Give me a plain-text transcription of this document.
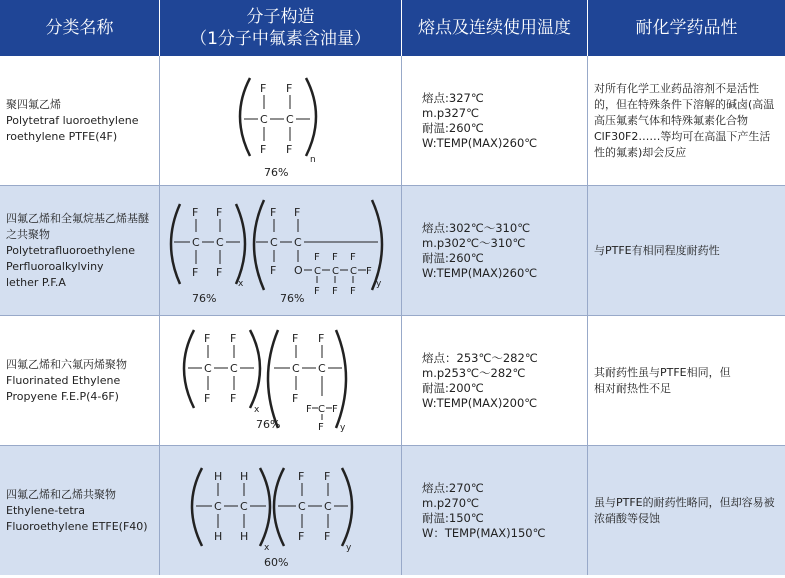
分类名称
分子构造
（1分子中氟素含油量）
熔点及连续使用温度	耐化学药品性
聚四氟乙烯
Polytetraf luoroethylene
roethylene PTFE(4F)
F F
C C
F F
n
76%
熔点:327℃
m.p327℃
耐温:260℃
W:TEMP(MAX)260℃
对所有化学工业药品溶剂不是活性的，但在特殊条件下溶解的碱卤(高温高压氟素气体和特殊氟素化合物ClF30F2……等均可在高温下产生活性的氟素)却会反应
四氟乙烯和全氟烷基乙烯基醚之共聚物
Polytetrafluoroethylene
Perfluoroalkylviny
lether P.F.A
F F
C C
F F
x
76%
F F
C C
F O C C C F
F F F
F F F
y
76%
熔点:302℃～310℃
m.p302℃～310℃
耐温:260℃
W:TEMP(MAX)260℃
与PTFE有相同程度耐药性
四氟乙烯和六氟丙烯聚物
Fluorinated Ethylene
Propyene F.E.P(4-6F)
F F
C C
F F
x
F F
C C
F
F C F
F y
76%
熔点：253℃～282℃
m.p253℃～282℃
耐温:200℃
W:TEMP(MAX)200℃
其耐药性虽与PTFE相同，但
相对耐热性不足
四氟乙烯和乙烯共聚物
Ethylene-tetra
Fluoroethylene ETFE(F40)
H H
C C
H H
x
F F
C C
F F
y
60%
熔点:270℃
m.p270℃
耐温:150℃
W：TEMP(MAX)150℃
虽与PTFE的耐药性略同，但却容易被浓硝酸等侵蚀
